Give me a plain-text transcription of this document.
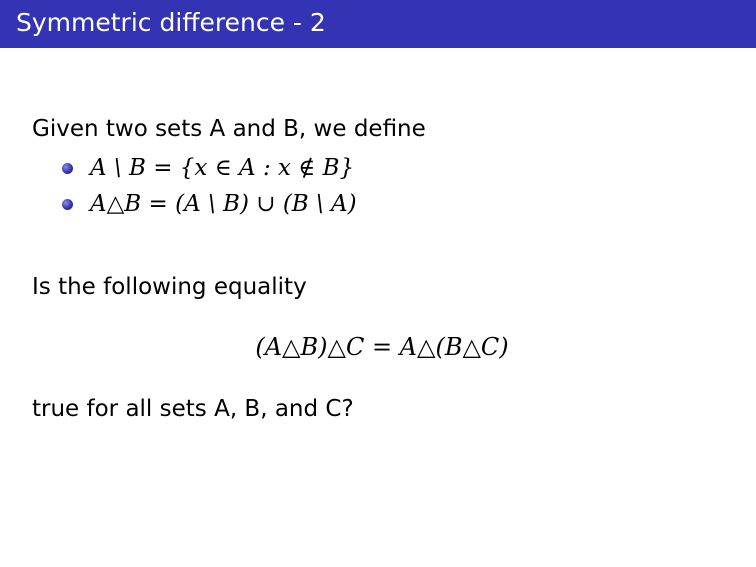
Symmetric difference - 2
Given two sets A and B, we define
A \ B = {x ∈ A : x ∉ B}
A△B = (A \ B) ∪ (B \ A)
Is the following equality
(A△B)△C = A△(B△C)
true for all sets A, B, and C?
